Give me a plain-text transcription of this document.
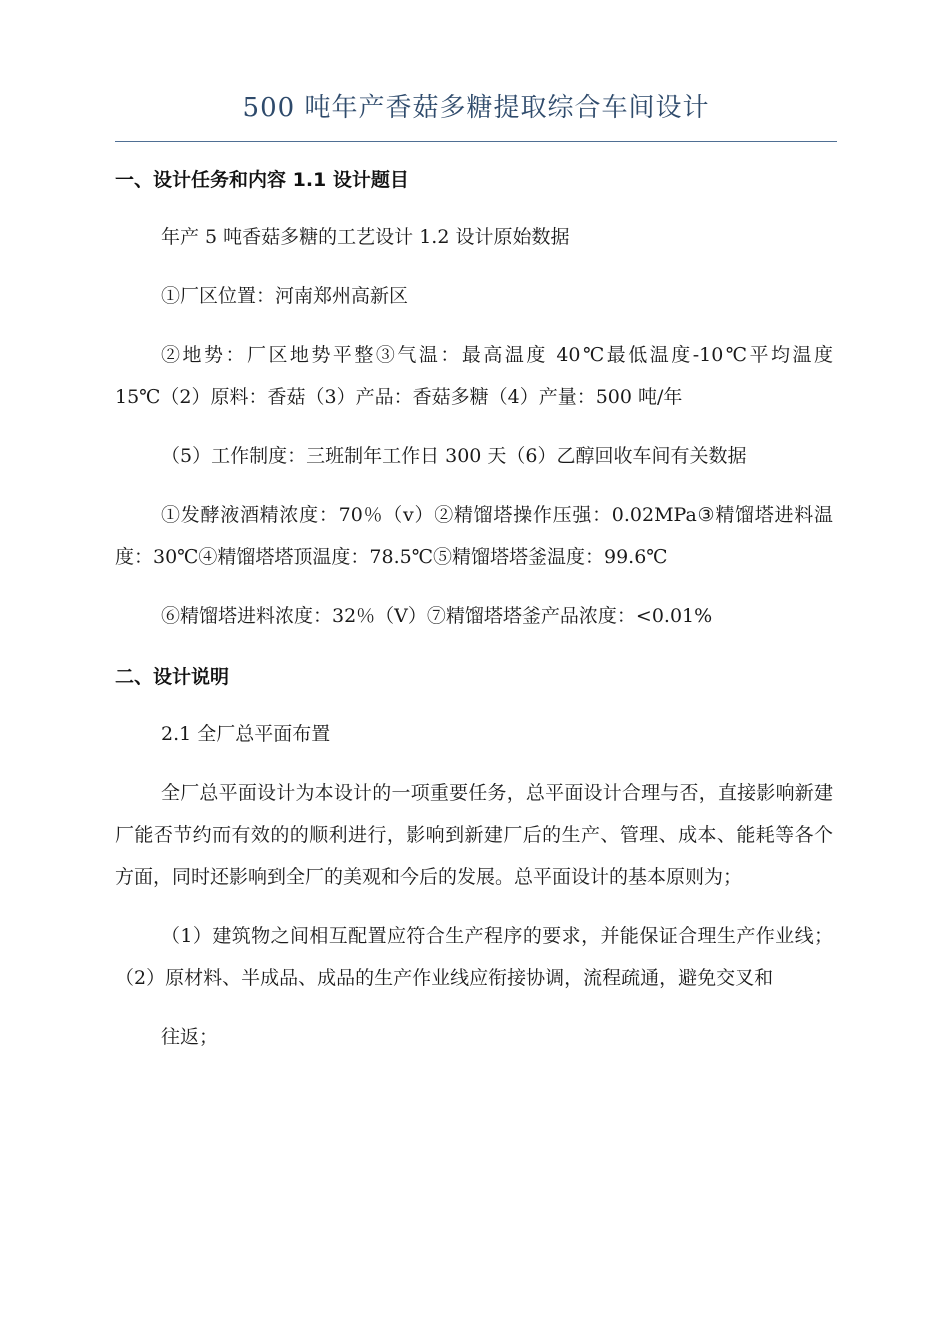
500 吨年产香菇多糖提取综合车间设计
一、设计任务和内容 1.1 设计题目

年产 5 吨香菇多糖的工艺设计 1.2 设计原始数据

①厂区位置：河南郑州高新区

②地势：厂区地势平整③气温：最高温度 40℃最低温度-10℃平均温度 15℃（2）原料：香菇（3）产品：香菇多糖（4）产量：500 吨/年

（5）工作制度：三班制年工作日 300 天（6）乙醇回收车间有关数据

①发酵液酒精浓度：70％（v）②精馏塔操作压强：0.02MPa③精馏塔进料温度：30℃④精馏塔塔顶温度：78.5℃⑤精馏塔塔釜温度：99.6℃

⑥精馏塔进料浓度：32％（V）⑦精馏塔塔釜产品浓度：<0.01%

二、设计说明

2.1 全厂总平面布置

全厂总平面设计为本设计的一项重要任务，总平面设计合理与否，直接影响新建厂能否节约而有效的的顺利进行，影响到新建厂后的生产、管理、成本、能耗等各个方面，同时还影响到全厂的美观和今后的发展。总平面设计的基本原则为；

（1）建筑物之间相互配置应符合生产程序的要求，并能保证合理生产作业线；（2）原材料、半成品、成品的生产作业线应衔接协调，流程疏通，避免交叉和

往返；
